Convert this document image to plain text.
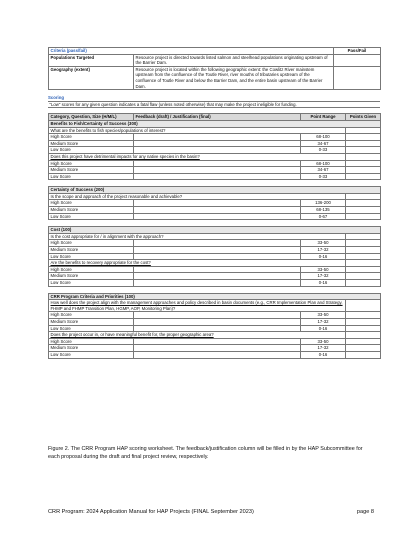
Criteria (pass/fail)		Pass/Fail
Populations Targeted	Resource project is directed towards listed salmon and steelhead populations originating upstream of the Barrier Dam.	
Geography (extent)	Resource project is located within the following geographic extent: the Cowlitz River mainstem upstream from the confluence of the Toutle River, river mouths of tributaries upstream of the confluence of Toutle River and below the Barrier Dam, and the entire basin upstream of the Barrier Dam.	
Scoring
"Low" scores for any given question indicates a fatal flaw (unless noted otherwise) that may make the project ineligible for funding.
Category, Question, Size (H/M/L)	Feedback (draft) / Justification (final)	Point Range	Points Given
Benefits to Fish/Certainty of Success (300)			
What are the benefits to fish species/populations of interest?			
High Score		68-100	
Medium Score		34-67	
Low Score		0-33	
Does this project have detrimental impacts for any native species in the basin?			
High Score		68-100	
Medium Score		34-67	
Low Score		0-33	

Certainty of Success (200)			
Is the scope and approach of the project reasonable and achievable?			
High Score		136-200	
Medium Score		68-135	
Low Score		0-67	

Cost (100)			
Is the cost appropriate for / in alignment with the approach?			
High Score		33-50	
Medium Score		17-32	
Low Score		0-16	
Are the benefits to recovery appropriate for the cost?			
High Score		33-50	
Medium Score		17-32	
Low Score		0-16	

CRR Program Criteria and Priorities (100)			
How well does the project align with the management approaches and policy described in basin documents (e.g., CRR Implementation Plan and Strategy, FHMP and FHMP Transition Plan, HGMP, AOP, Monitoring Plan)?			
High Score		33-50	
Medium Score		17-32	
Low Score		0-16	
Does the project occur in, or have meaningful benefit for, the proper geographic area?			
High Score		33-50	
Medium Score		17-32	
Low Score		0-16	
Figure 2. The CRR Program HAP scoring worksheet. The feedback/justification column will be filled in by the HAP Subcommittee for each proposal during the draft and final project review, respectively.
CRR Program: 2024 Application Manual for HAP Projects (FINAL September 2023)	page 8
